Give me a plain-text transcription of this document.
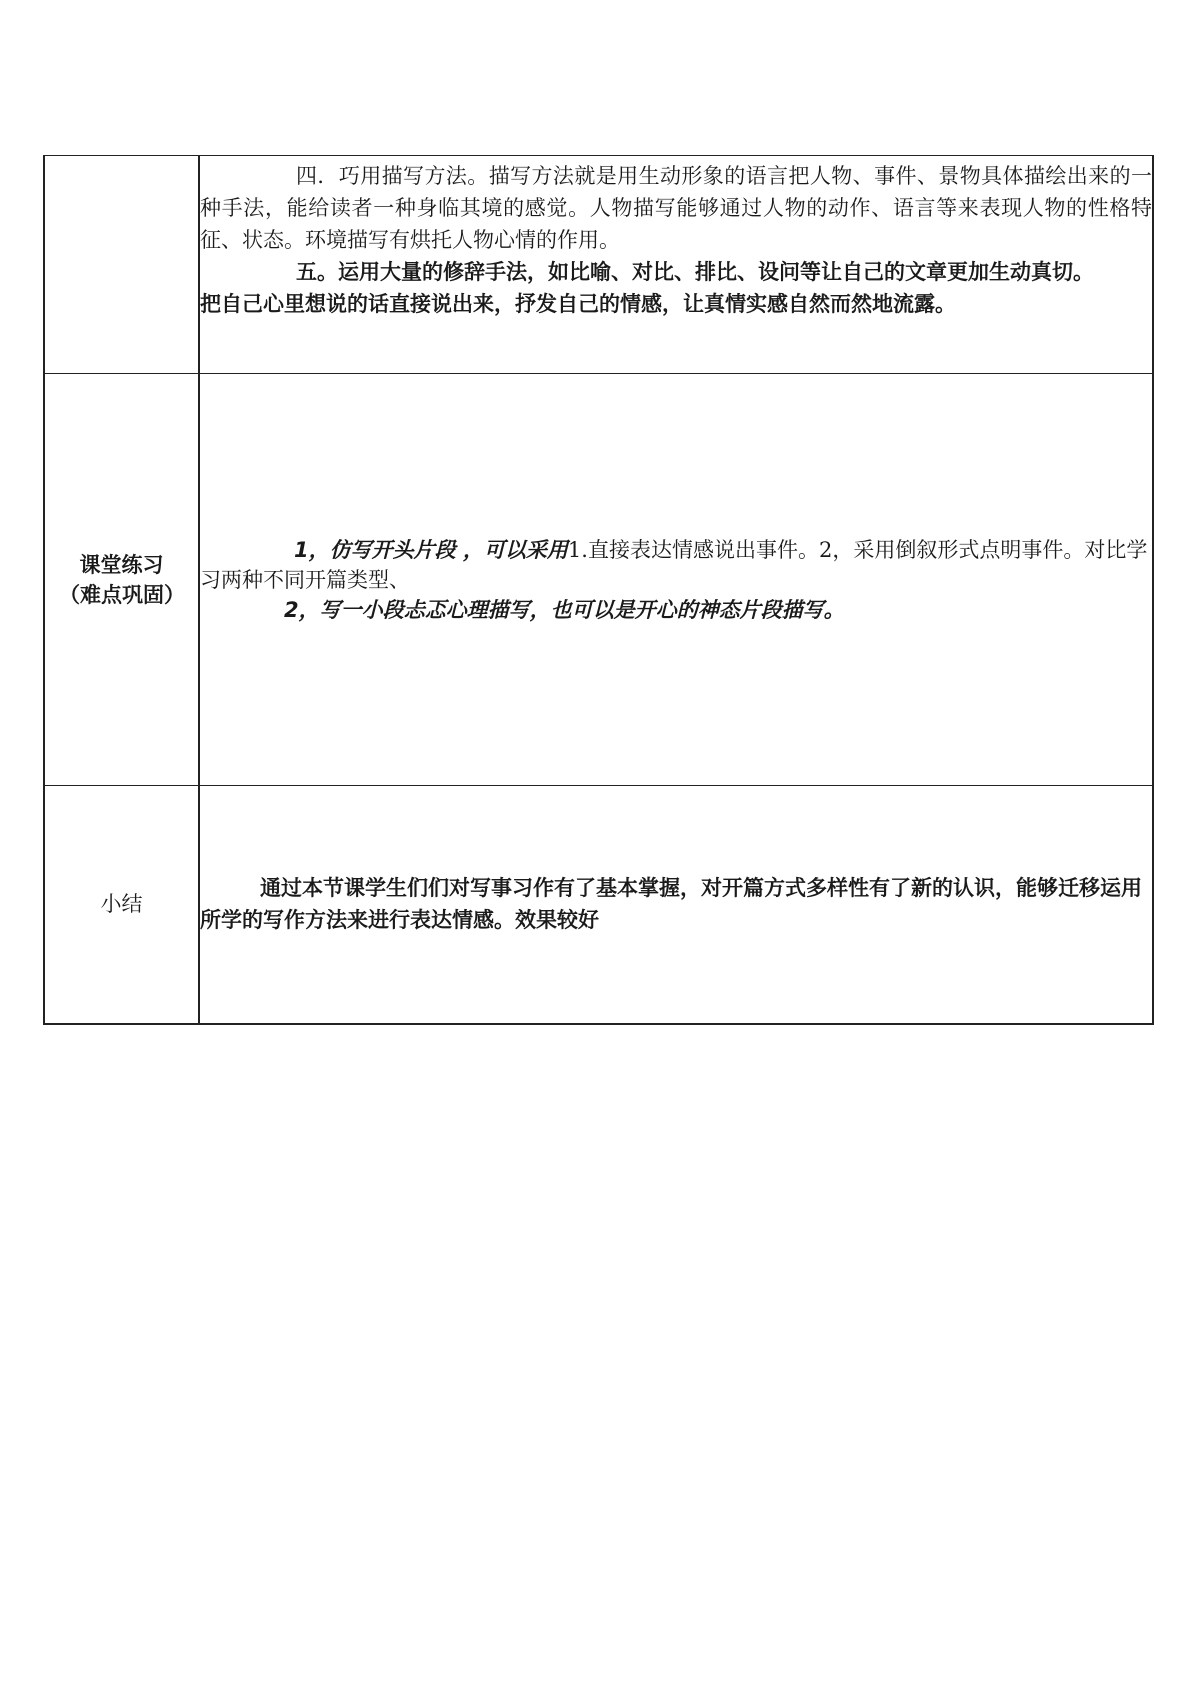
	四．巧用描写方法。描写方法就是用生动形象的语言把人物、事件、景物具体描绘出来的一种手法，能给读者一种身临其境的感觉。人物描写能够通过人物的动作、语言等来表现人物的性格特征、状态。环境描写有烘托人物心情的作用。

五。运用大量的修辞手法，如比喻、对比、排比、设问等让自己的文章更加生动真切。

把自己心里想说的话直接说出来，抒发自己的情感，让真情实感自然而然地流露。

课堂练习（难点巩固）	1，仿写开头片段 ，可以采用1.直接表达情感说出事件。2，采用倒叙形式点明事件。对比学习两种不同开篇类型、

2，写一小段忐忑心理描写，也可以是开心的神态片段描写。

小结	通过本节课学生们们对写事习作有了基本掌握，对开篇方式多样性有了新的认识，能够迁移运用所学的写作方法来进行表达情感。效果较好
